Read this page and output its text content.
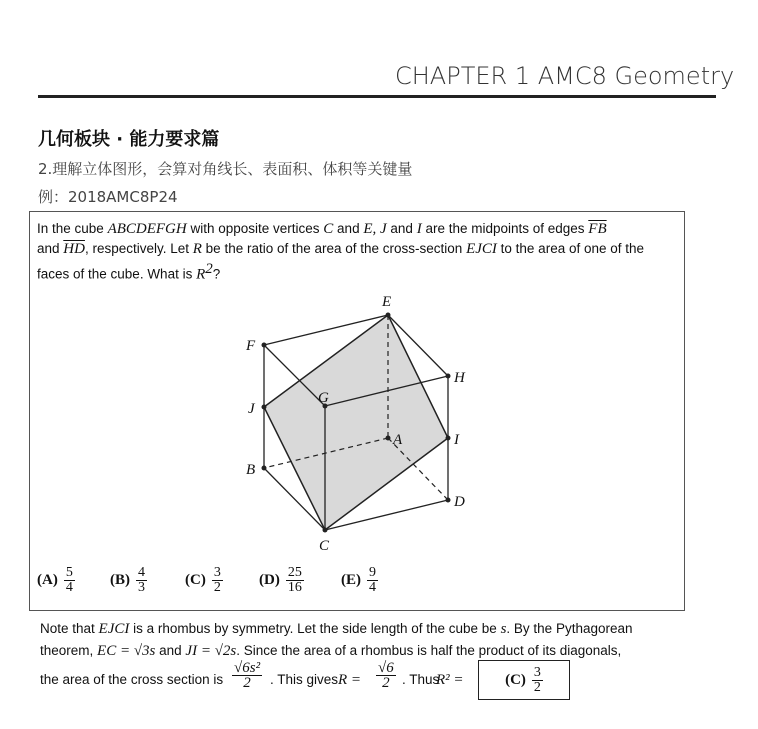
CHAPTER 1 AMC8 Geometry
几何板块 · 能力要求篇
2.理解立体图形，会算对角线长、表面积、体积等关键量
例：2018AMC8P24
In the cube ABCDEFGH with opposite vertices C and E, J and I are the midpoints of edges $\overline{FB}$
and $\overline{HD}$, respectively. Let R be the ratio of the area of the cross-section EJCI to the area of one of the faces of the cube. What is $R^2$?
E
F
H
G
J
A	I
B
D
C
$(A) \frac{5}{4} (B) \frac{4}{3}$	$(C) \frac{3}{2} (D) \frac{25}{16} (E) \frac{9}{4}$
Note that EJCI is a rhombus by symmetry. Let the side length of the cube be s. By the Pythagorean
theorem, EC = √3s and JI = √2s. Since the area of a rhombus is half the product of its diagonals,
the area of the cross section is $\frac{\text{√6s²}}{2}$ . This gives $R = \frac{√6}{2}$ . Thus
R² =	$(C) \frac{3}{2}$
